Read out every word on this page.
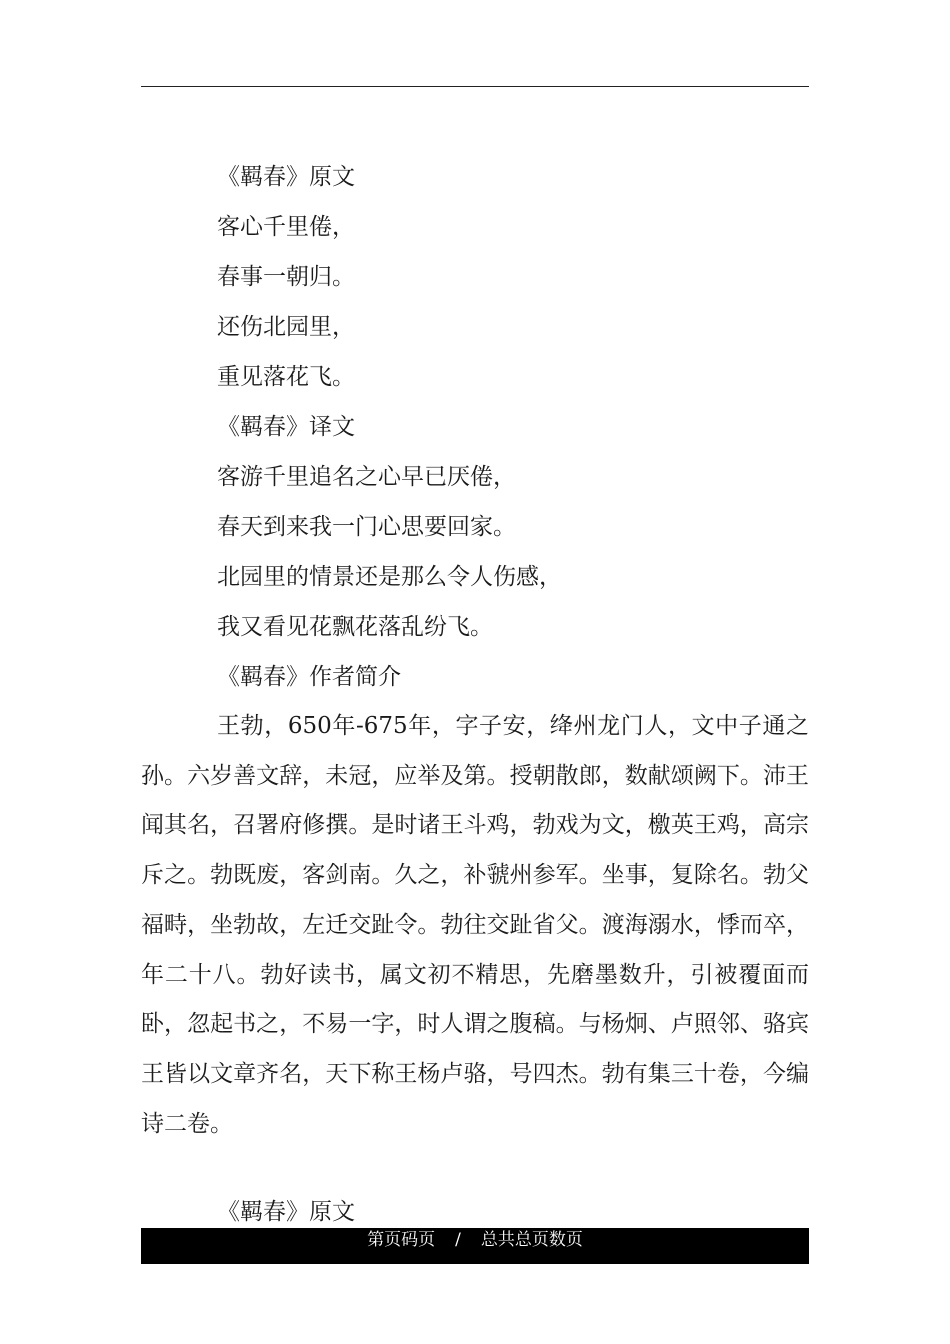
《羁春》原文
客心千里倦，
春事一朝归。
还伤北园里，
重见落花飞。
《羁春》译文
客游千里追名之心早已厌倦，
春天到来我一门心思要回家。
北园里的情景还是那么令人伤感，
我又看见花飘花落乱纷飞。
《羁春》作者简介

王勃，650年-675年，字子安，绛州龙门人，文中子通之孙。六岁善文辞，未冠，应举及第。授朝散郎，数献颂阙下。沛王闻其名，召署府修撰。是时诸王斗鸡，勃戏为文，檄英王鸡，高宗斥之。勃既废，客剑南。久之，补虢州参军。坐事，复除名。勃父福畤，坐勃故，左迁交趾令。勃往交趾省父。渡海溺水，悸而卒，年二十八。勃好读书，属文初不精思，先磨墨数升，引被覆面而卧，忽起书之，不易一字，时人谓之腹稿。与杨炯、卢照邻、骆宾王皆以文章齐名，天下称王杨卢骆，号四杰。勃有集三十卷，今编诗二卷。

《羁春》原文
第页码页 / 总共总页数页
